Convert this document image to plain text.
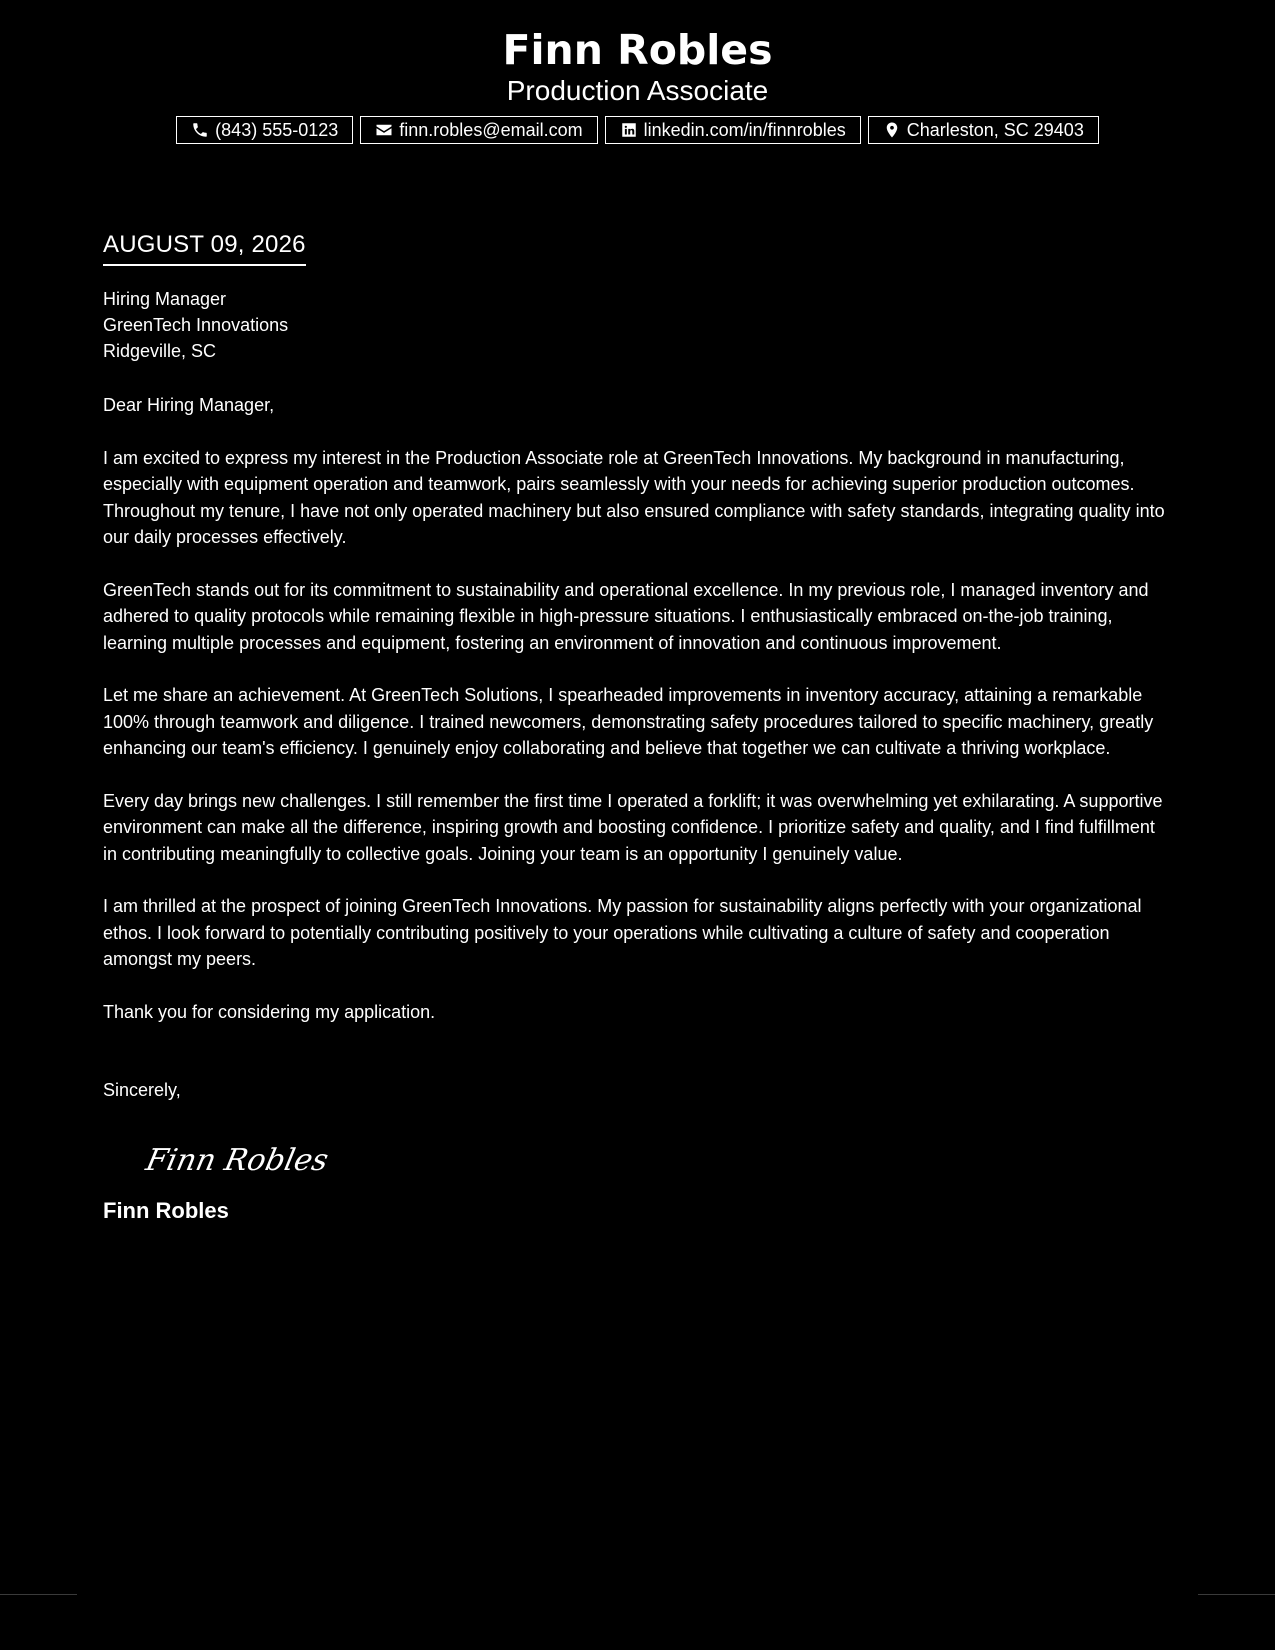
Finn Robles
Production Associate
(843) 555-0123	finn.robles@email.com	linkedin.com/in/finnrobles	Charleston, SC 29403
AUGUST 09, 2026
Hiring Manager
GreenTech Innovations
Ridgeville, SC
Dear Hiring Manager,

I am excited to express my interest in the Production Associate role at GreenTech Innovations. My background in manufacturing, especially with equipment operation and teamwork, pairs seamlessly with your needs for achieving superior production outcomes. Throughout my tenure, I have not only operated machinery but also ensured compliance with safety standards, integrating quality into our daily processes effectively.

GreenTech stands out for its commitment to sustainability and operational excellence. In my previous role, I managed inventory and adhered to quality protocols while remaining flexible in high-pressure situations. I enthusiastically embraced on-the-job training, learning multiple processes and equipment, fostering an environment of innovation and continuous improvement.

Let me share an achievement. At GreenTech Solutions, I spearheaded improvements in inventory accuracy, attaining a remarkable 100% through teamwork and diligence. I trained newcomers, demonstrating safety procedures tailored to specific machinery, greatly enhancing our team's efficiency. I genuinely enjoy collaborating and believe that together we can cultivate a thriving workplace.

Every day brings new challenges. I still remember the first time I operated a forklift; it was overwhelming yet exhilarating. A supportive environment can make all the difference, inspiring growth and boosting confidence. I prioritize safety and quality, and I find fulfillment in contributing meaningfully to collective goals. Joining your team is an opportunity I genuinely value.

I am thrilled at the prospect of joining GreenTech Innovations. My passion for sustainability aligns perfectly with your organizational ethos. I look forward to potentially contributing positively to your operations while cultivating a culture of safety and cooperation amongst my peers.

Thank you for considering my application.

Sincerely,
Finn Robles
Finn Robles
